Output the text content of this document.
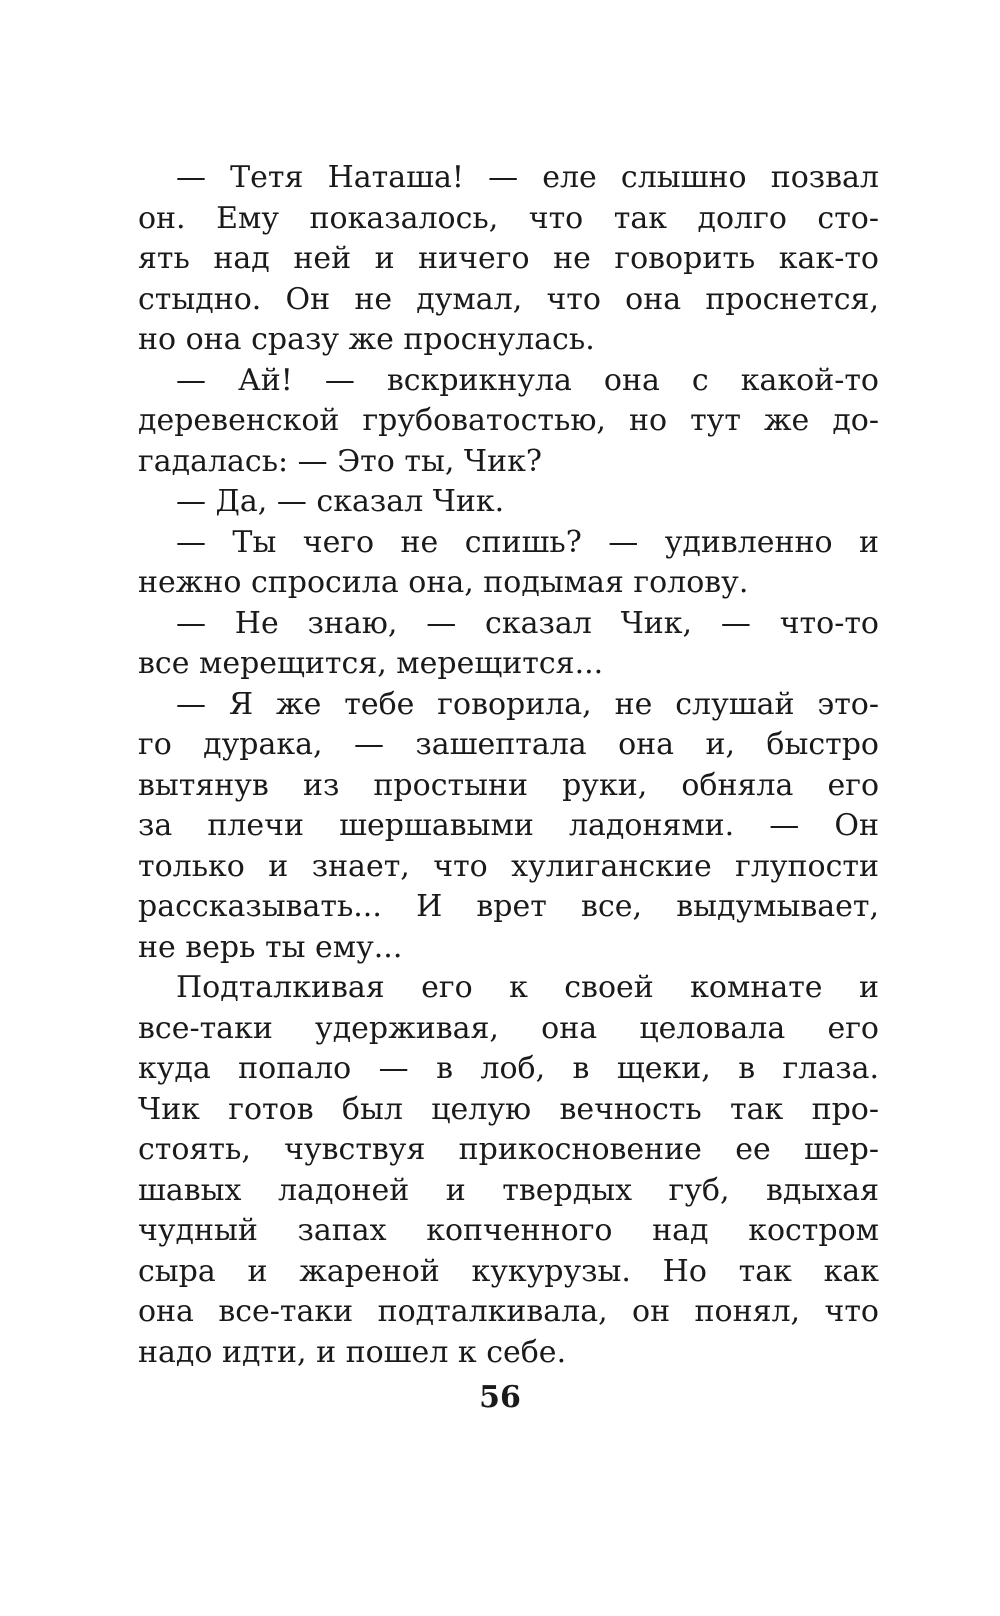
— Тетя Наташа! — еле слышно позвал
он. Ему показалось, что так долго сто-
ять над ней и ничего не говорить как-то
стыдно. Он не думал, что она проснется,
но она сразу же проснулась.
— Ай! — вскрикнула она с какой-то
деревенской грубоватостью, но тут же до-
гадалась: — Это ты, Чик?
— Да, — сказал Чик.
— Ты чего не спишь? — удивленно и
нежно спросила она, подымая голову.
— Не знаю, — сказал Чик, — что-то
все мерещится, мерещится...
— Я же тебе говорила, не слушай это-
го дурака, — зашептала она и, быстро
вытянув из простыни руки, обняла его
за плечи шершавыми ладонями. — Он
только и знает, что хулиганские глупости
рассказывать... И врет все, выдумывает,
не верь ты ему...
Подталкивая его к своей комнате и
все-таки удерживая, она целовала его
куда попало — в лоб, в щеки, в глаза.
Чик готов был целую вечность так про-
стоять, чувствуя прикосновение ее шер-
шавых ладоней и твердых губ, вдыхая
чудный запах копченного над костром
сыра и жареной кукурузы. Но так как
она все-таки подталкивала, он понял, что
надо идти, и пошел к себе.
56
